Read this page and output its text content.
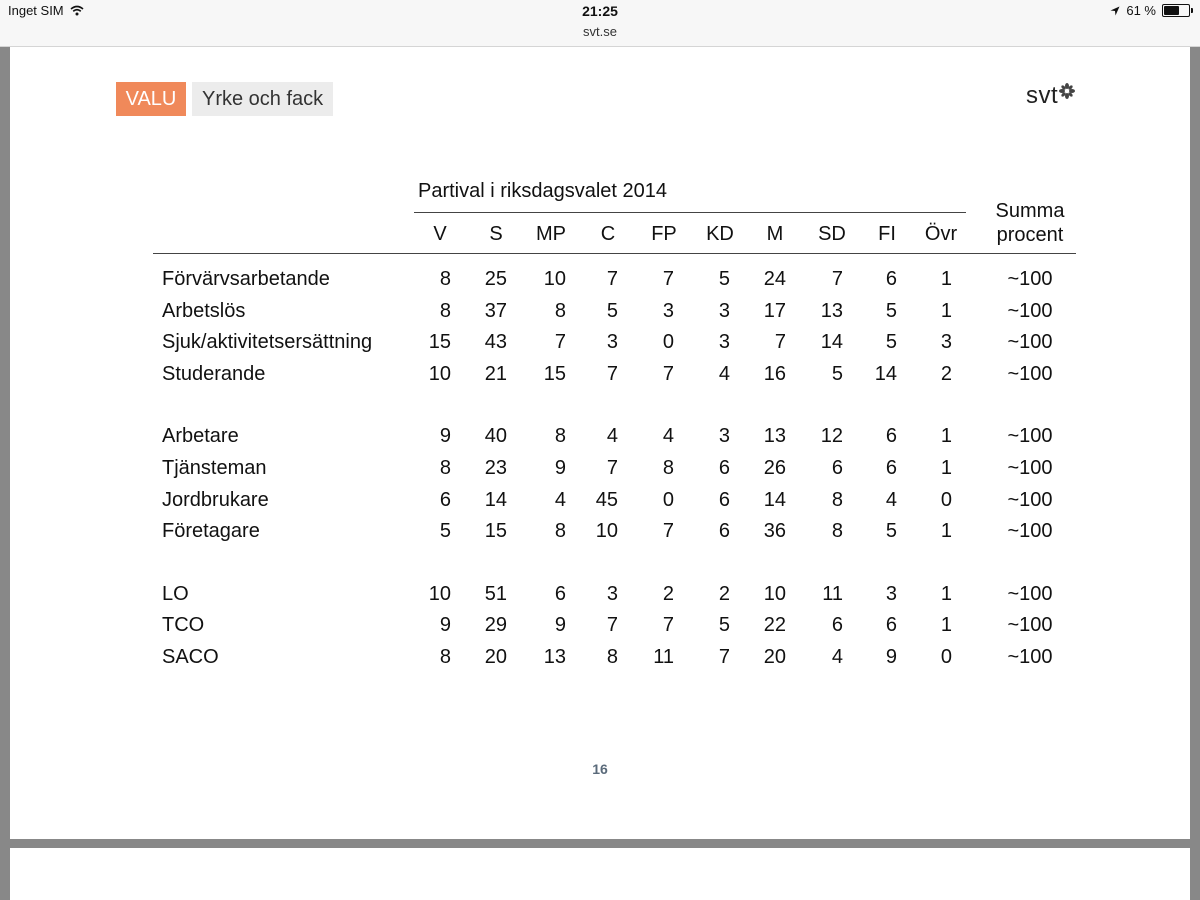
Inget SIM	21:25
svt.se
61 %
VALU	Yrke och fack	svt
Partival i riksdagsvalet 2014
V	S	MP	C	FP	KD	M	SD	FI	Övr
Summa
procent
Förvärvsarbetande	8	25	10	7	7	5	24	7	6	1	~100
Arbetslös	8	37	8	5	3	3	17	13	5	1	~100
Sjuk/aktivitetsersättning	15	43	7	3	0	3	7	14	5	3	~100
Studerande	10	21	15	7	7	4	16	5	14	2	~100
Arbetare	9	40	8	4	4	3	13	12	6	1	~100
Tjänsteman	8	23	9	7	8	6	26	6	6	1	~100
Jordbrukare	6	14	4	45	0	6	14	8	4	0	~100
Företagare	5	15	8	10	7	6	36	8	5	1	~100
LO	10	51	6	3	2	2	10	11	3	1	~100
TCO	9	29	9	7	7	5	22	6	6	1	~100
SACO	8	20	13	8	11	7	20	4	9	0	~100
16
